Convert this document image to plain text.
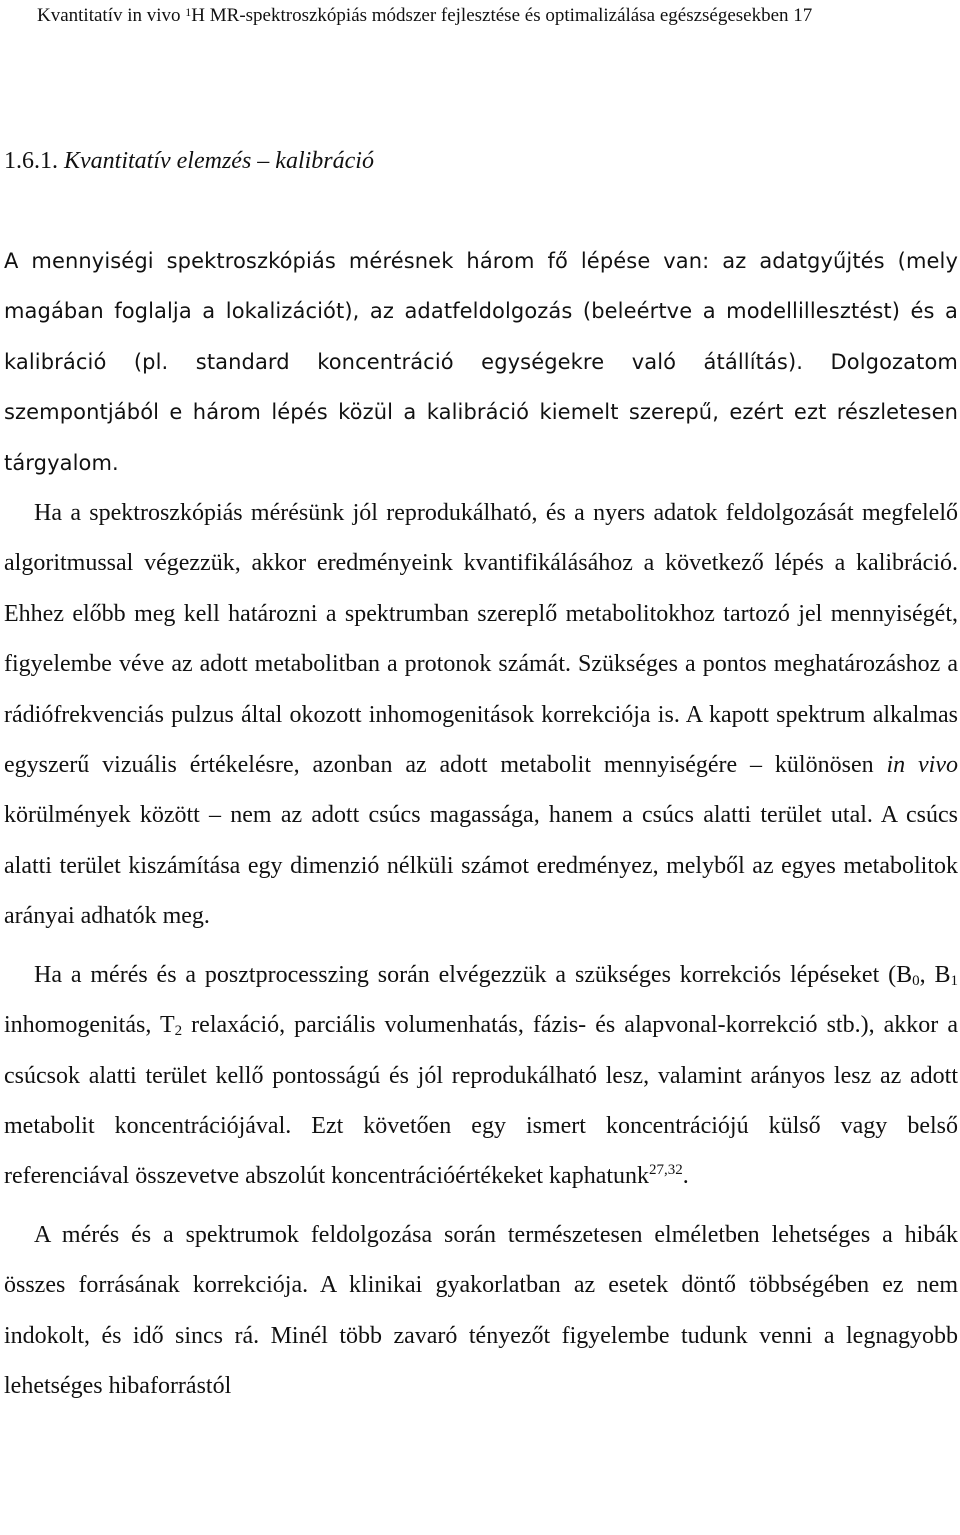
Kvantitatív in vivo $^1$H MR-spektroszkópiás módszer fejlesztése és optimalizálása egészségesekben 17
1.6.1. Kvantitatív elemzés – kalibráció

A mennyiségi spektroszkópiás mérésnek három fő lépése van: az adatgyűjtés (mely magában foglalja a lokalizációt), az adatfeldolgozás (beleértve a modellillesztést) és a kalibráció (pl. standard koncentráció egységekre való átállítás). Dolgozatom szempontjából e három lépés közül a kalibráció kiemelt szerepű, ezért ezt részletesen tárgyalom.

Ha a spektroszkópiás mérésünk jól reprodukálható, és a nyers adatok feldolgozását megfelelő algoritmussal végezzük, akkor eredményeink kvantifikálásához a következő lépés a kalibráció. Ehhez előbb meg kell határozni a spektrumban szereplő metabolitokhoz tartozó jel mennyiségét, figyelembe véve az adott metabolitban a protonok számát. Szükséges a pontos meghatározáshoz a rádiófrekvenciás pulzus által okozott inhomogenitások korrekciója is. A kapott spektrum alkalmas egyszerű vizuális értékelésre, azonban az adott metabolit mennyiségére – különösen in vivo körülmények között – nem az adott csúcs magassága, hanem a csúcs alatti terület utal. A csúcs alatti terület kiszámítása egy dimenzió nélküli számot eredményez, melyből az egyes metabolitok arányai adhatók meg.

Ha a mérés és a posztprocesszing során elvégezzük a szükséges korrekciós lépéseket ($B_0$, $B_1$ inhomogenitás, $T_2$ relaxáció, parciális volumenhatás, fázis- és alapvonal-korrekció stb.), akkor a csúcsok alatti terület kellő pontosságú és jól reprodukálható lesz, valamint arányos lesz az adott metabolit koncentrációjával. Ezt követően egy ismert koncentrációjú külső vagy belső referenciával összevetve abszolút koncentrációértékeket kaphatunk$^{27,32}$.

A mérés és a spektrumok feldolgozása során természetesen elméletben lehetséges a hibák összes forrásának korrekciója. A klinikai gyakorlatban az esetek döntő többségében ez nem indokolt, és idő sincs rá. Minél több zavaró tényezőt figyelembe tudunk venni a legnagyobb lehetséges hibaforrástól
